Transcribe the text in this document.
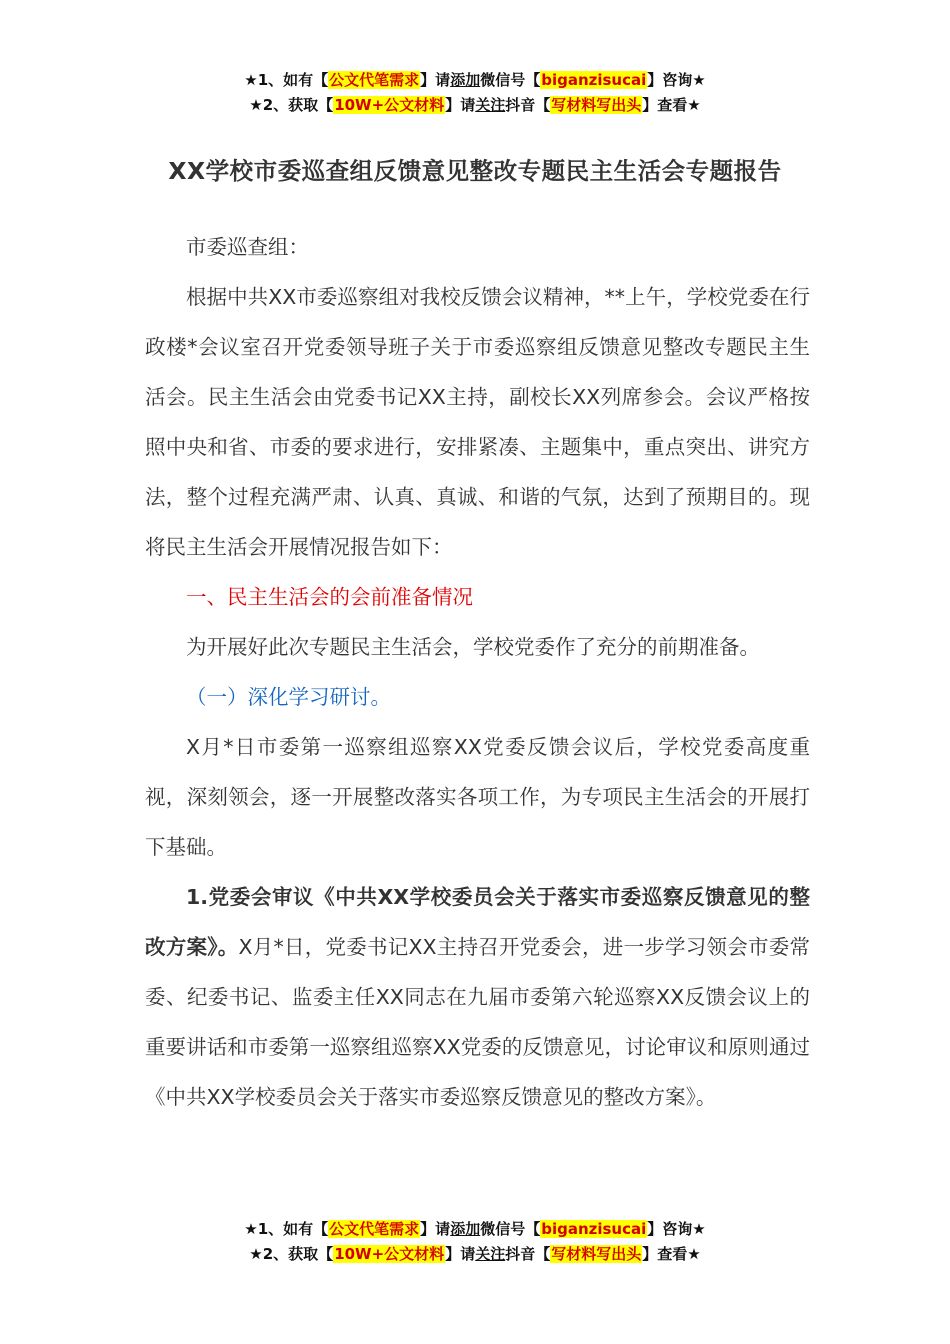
★1、如有【公文代笔需求】请添加微信号【biganzisucai】咨询★
★2、获取【10W+公文材料】请关注抖音【写材料写出头】查看★
XX学校市委巡查组反馈意见整改专题民主生活会专题报告

市委巡查组：

根据中共XX市委巡察组对我校反馈会议精神，**上午，学校党委在行政楼*会议室召开党委领导班子关于市委巡察组反馈意见整改专题民主生活会。民主生活会由党委书记XX主持，副校长XX列席参会。会议严格按照中央和省、市委的要求进行，安排紧凑、主题集中，重点突出、讲究方法，整个过程充满严肃、认真、真诚、和谐的气氛，达到了预期目的。现将民主生活会开展情况报告如下：

一、民主生活会的会前准备情况

为开展好此次专题民主生活会，学校党委作了充分的前期准备。

（一）深化学习研讨。

X月*日市委第一巡察组巡察XX党委反馈会议后，学校党委高度重视，深刻领会，逐一开展整改落实各项工作，为专项民主生活会的开展打下基础。

1.党委会审议《中共XX学校委员会关于落实市委巡察反馈意见的整改方案》。X月*日，党委书记XX主持召开党委会，进一步学习领会市委常委、纪委书记、监委主任XX同志在九届市委第六轮巡察XX反馈会议上的重要讲话和市委第一巡察组巡察XX党委的反馈意见，讨论审议和原则通过《中共XX学校委员会关于落实市委巡察反馈意见的整改方案》。

★1、如有【公文代笔需求】请添加微信号【biganzisucai】咨询★
★2、获取【10W+公文材料】请关注抖音【写材料写出头】查看★
